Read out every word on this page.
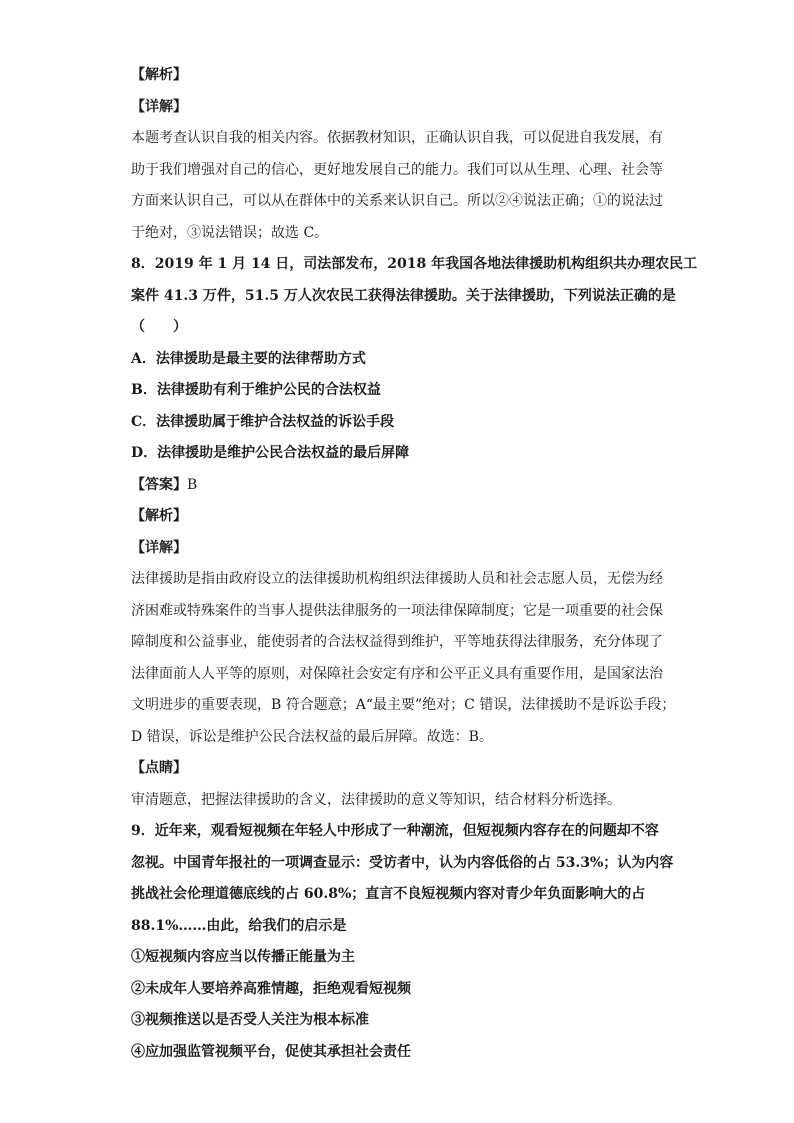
【解析】
【详解】
本题考查认识自我的相关内容。依据教材知识，正确认识自我，可以促进自我发展，有
助于我们增强对自己的信心，更好地发展自己的能力。我们可以从生理、心理、社会等
方面来认识自己，可以从在群体中的关系来认识自己。所以②④说法正确；①的说法过
于绝对，③说法错误；故选 C。
8．2019 年 1 月 14 日，司法部发布，2018 年我国各地法律援助机构组织共办理农民工
案件 41.3 万件，51.5 万人次农民工获得法律援助。关于法律援助，下列说法正确的是
（　　）
A．法律援助是最主要的法律帮助方式
B．法律援助有利于维护公民的合法权益
C．法律援助属于维护合法权益的诉讼手段
D．法律援助是维护公民合法权益的最后屏障
【答案】B
【解析】
【详解】
法律援助是指由政府设立的法律援助机构组织法律援助人员和社会志愿人员，无偿为经
济困难或特殊案件的当事人提供法律服务的一项法律保障制度；它是一项重要的社会保
障制度和公益事业，能使弱者的合法权益得到维护，平等地获得法律服务，充分体现了
法律面前人人平等的原则，对保障社会安定有序和公平正义具有重要作用，是国家法治
文明进步的重要表现，B 符合题意；A“最主要”绝对；C 错误，法律援助不是诉讼手段；
D 错误，诉讼是维护公民合法权益的最后屏障。故选：B。
【点睛】
审清题意，把握法律援助的含义，法律援助的意义等知识，结合材料分析选择。
9．近年来，观看短视频在年轻人中形成了一种潮流，但短视频内容存在的问题却不容
忽视。中国青年报社的一项调查显示：受访者中，认为内容低俗的占 53.3%；认为内容
挑战社会伦理道德底线的占 60.8%；直言不良短视频内容对青少年负面影响大的占
88.1%……由此，给我们的启示是
①短视频内容应当以传播正能量为主
②未成年人要培养高雅情趣，拒绝观看短视频
③视频推送以是否受人关注为根本标准
④应加强监管视频平台，促使其承担社会责任
